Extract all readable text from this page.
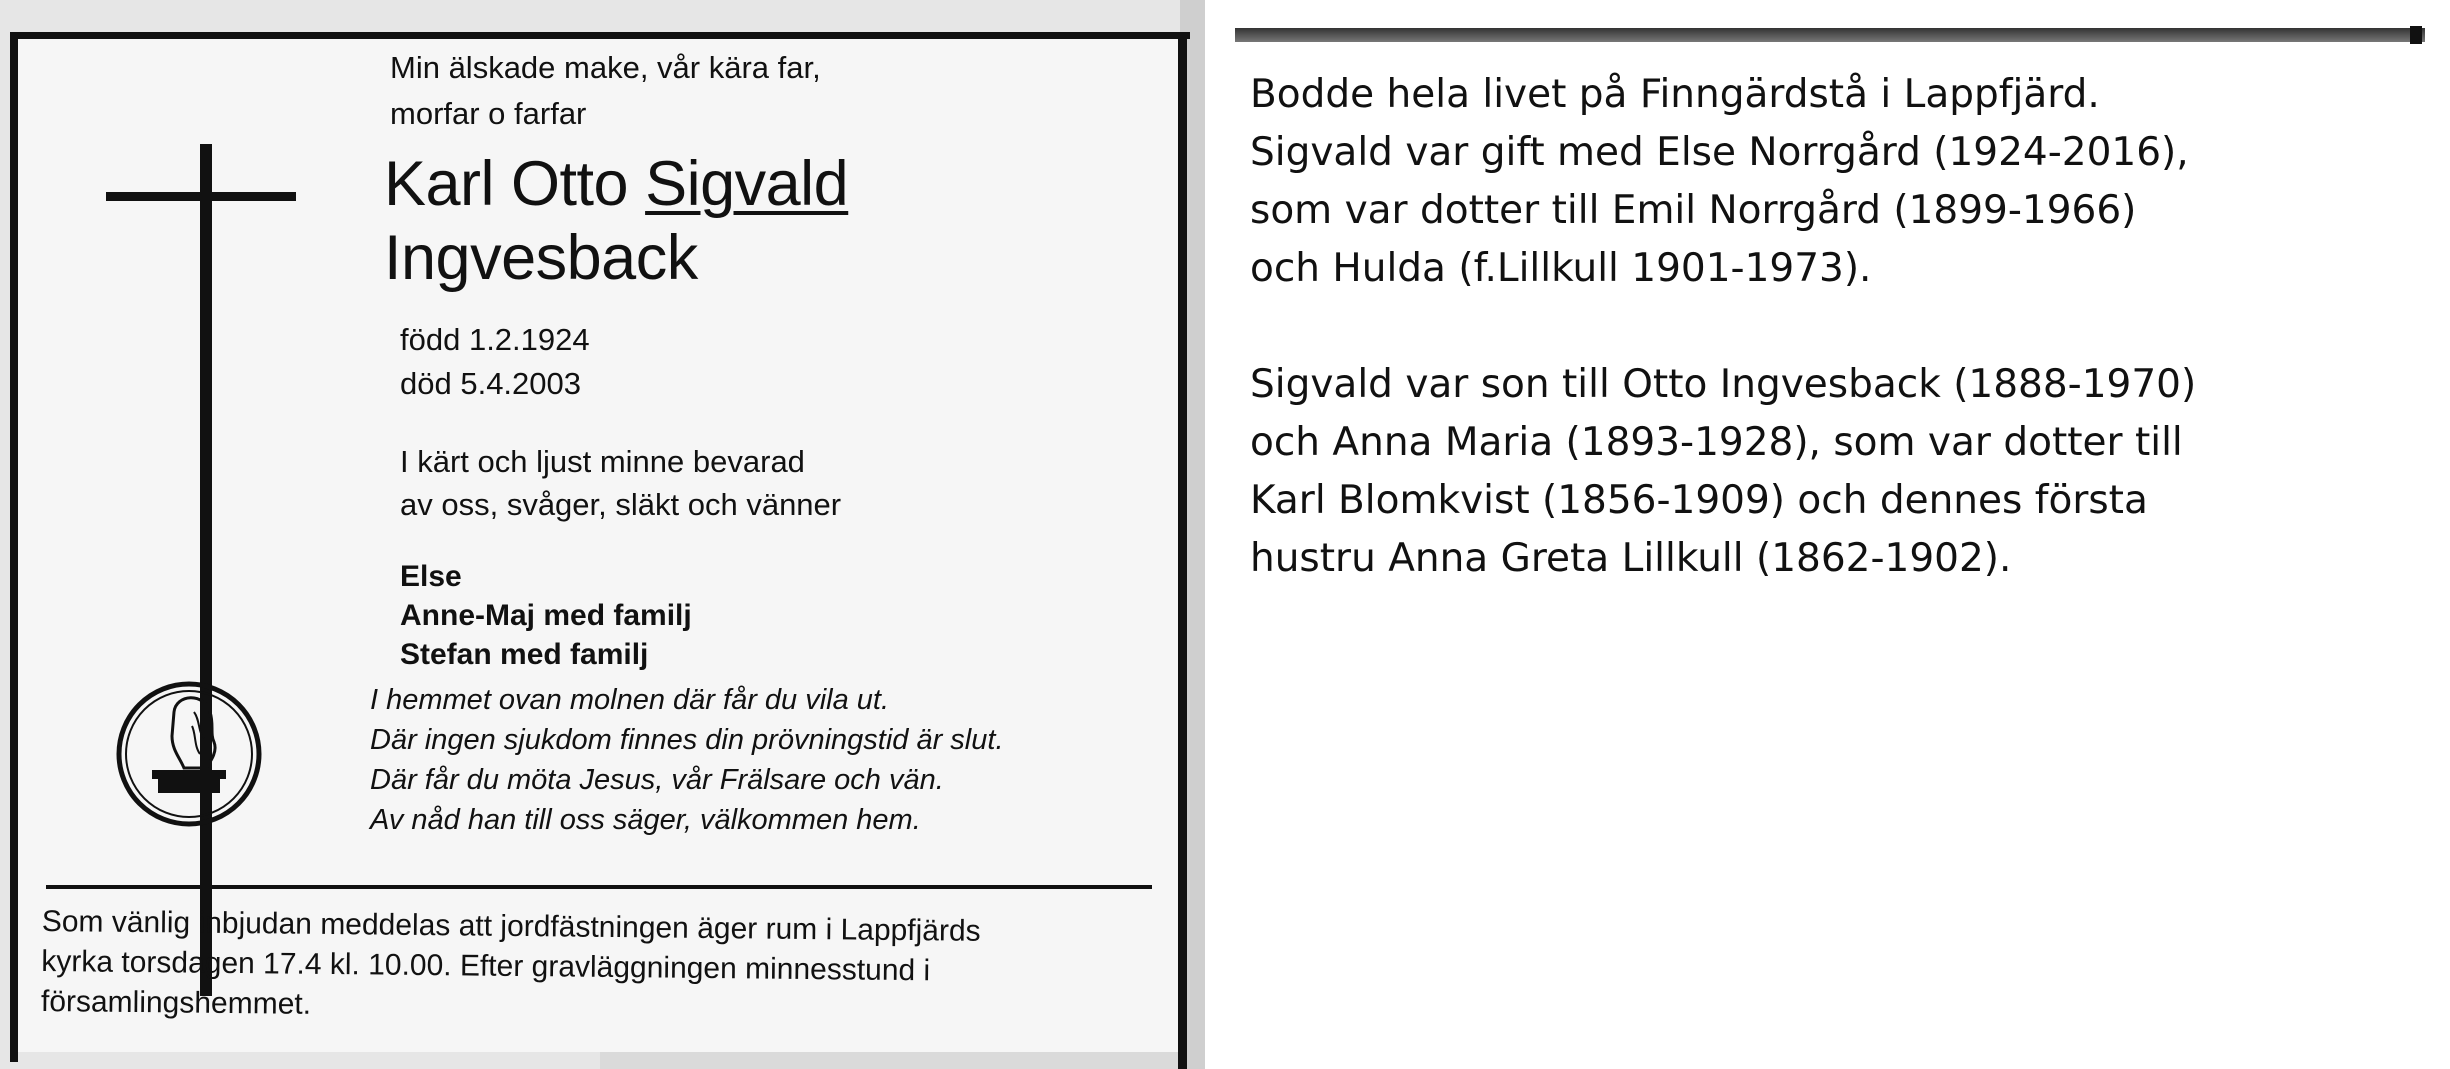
Min älskade make, vår kära far,
morfar o farfar
Karl Otto Sigvald
Ingvesback
född 1.2.1924
död 5.4.2003
I kärt och ljust minne bevarad
av oss, svåger, släkt och vänner
Else
Anne-Maj med familj
Stefan med familj
I hemmet ovan molnen där får du vila ut.
Där ingen sjukdom finnes din prövningstid är slut.
Där får du möta Jesus, vår Frälsare och vän.
Av nåd han till oss säger, välkommen hem.
Som vänlig inbjudan meddelas att jordfästningen äger rum i Lappfjärds
kyrka torsdagen 17.4 kl. 10.00. Efter gravläggningen minnesstund i
församlingshemmet.

Bodde hela livet på Finngärdstå i Lappfjärd.
Sigvald var gift med Else Norrgård (1924-2016),
som var dotter till Emil Norrgård (1899-1966)
och Hulda (f.Lillkull 1901-1973).

Sigvald var son till Otto Ingvesback (1888-1970)
och Anna Maria (1893-1928), som var dotter till
Karl Blomkvist (1856-1909) och dennes första
hustru Anna Greta Lillkull (1862-1902).
